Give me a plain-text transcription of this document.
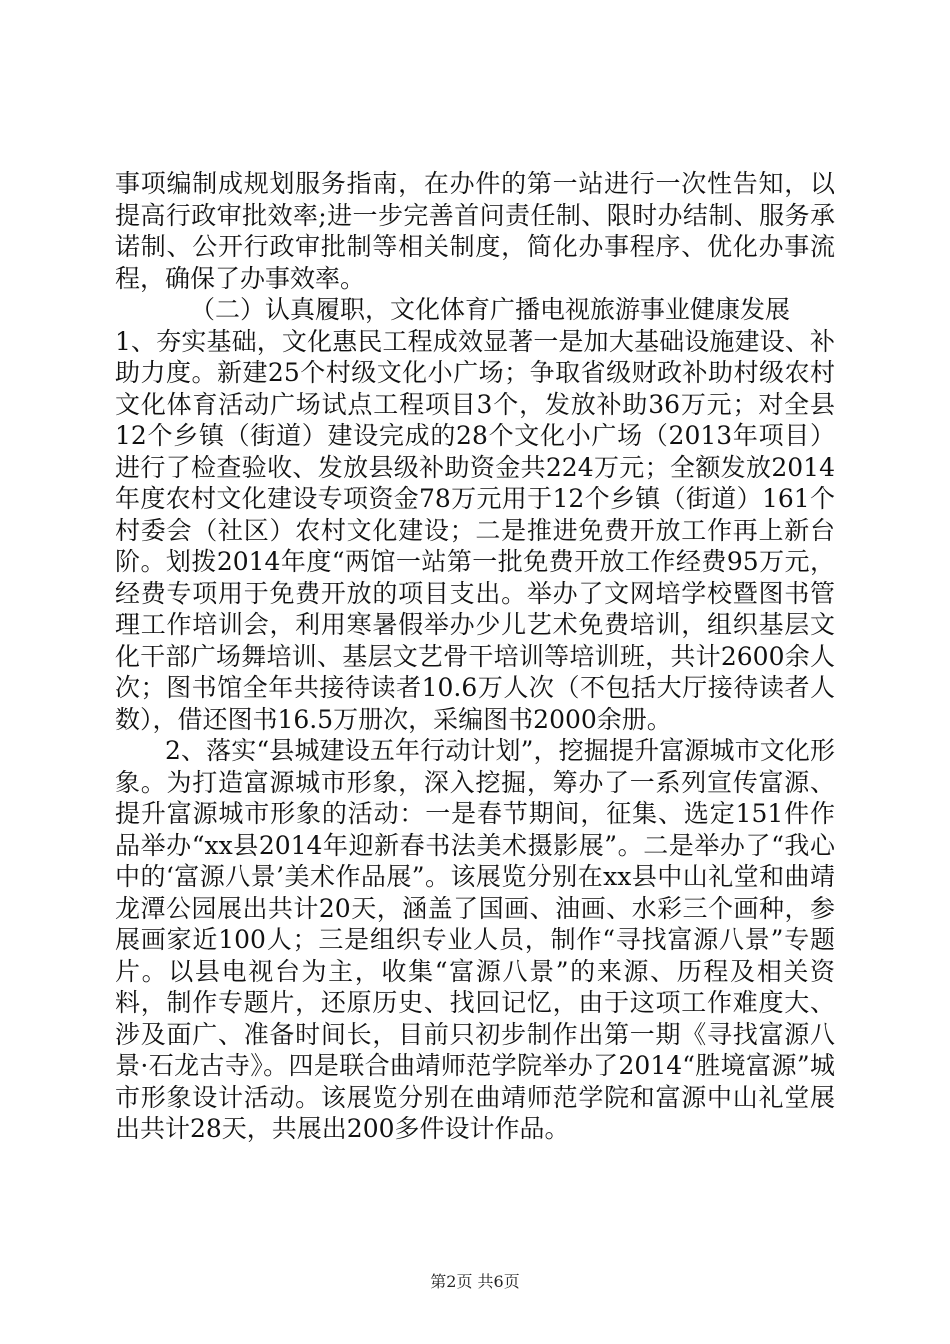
事项编制成规划服务指南，在办件的第一站进行一次性告知，以提高行政审批效率;进一步完善首问责任制、限时办结制、服务承诺制、公开行政审批制等相关制度，简化办事程序、优化办事流程，确保了办事效率。

（二）认真履职，文化体育广播电视旅游事业健康发展

1、夯实基础，文化惠民工程成效显著一是加大基础设施建设、补助力度。新建25个村级文化小广场；争取省级财政补助村级农村文化体育活动广场试点工程项目3个，发放补助36万元；对全县12个乡镇（街道）建设完成的28个文化小广场（2013年项目）进行了检查验收、发放县级补助资金共224万元；全额发放2014年度农村文化建设专项资金78万元用于12个乡镇（街道）161个村委会（社区）农村文化建设；二是推进免费开放工作再上新台阶。划拨2014年度“两馆一站第一批免费开放工作经费95万元，经费专项用于免费开放的项目支出。举办了文网培学校暨图书管理工作培训会，利用寒暑假举办少儿艺术免费培训，组织基层文化干部广场舞培训、基层文艺骨干培训等培训班，共计2600余人次；图书馆全年共接待读者10.6万人次（不包括大厅接待读者人数），借还图书16.5万册次，采编图书2000余册。

2、落实“县城建设五年行动计划”，挖掘提升富源城市文化形象。为打造富源城市形象，深入挖掘，筹办了一系列宣传富源、提升富源城市形象的活动：一是春节期间，征集、选定151件作品举办“xx县2014年迎新春书法美术摄影展”。二是举办了“我心中的‘富源八景’美术作品展”。该展览分别在xx县中山礼堂和曲靖龙潭公园展出共计20天，涵盖了国画、油画、水彩三个画种，参展画家近100人；三是组织专业人员，制作“寻找富源八景”专题片。以县电视台为主，收集“富源八景”的来源、历程及相关资料，制作专题片，还原历史、找回记忆，由于这项工作难度大、涉及面广、准备时间长，目前只初步制作出第一期《寻找富源八景·石龙古寺》。四是联合曲靖师范学院举办了2014“胜境富源”城市形象设计活动。该展览分别在曲靖师范学院和富源中山礼堂展出共计28天，共展出200多件设计作品。

第2页 共6页
